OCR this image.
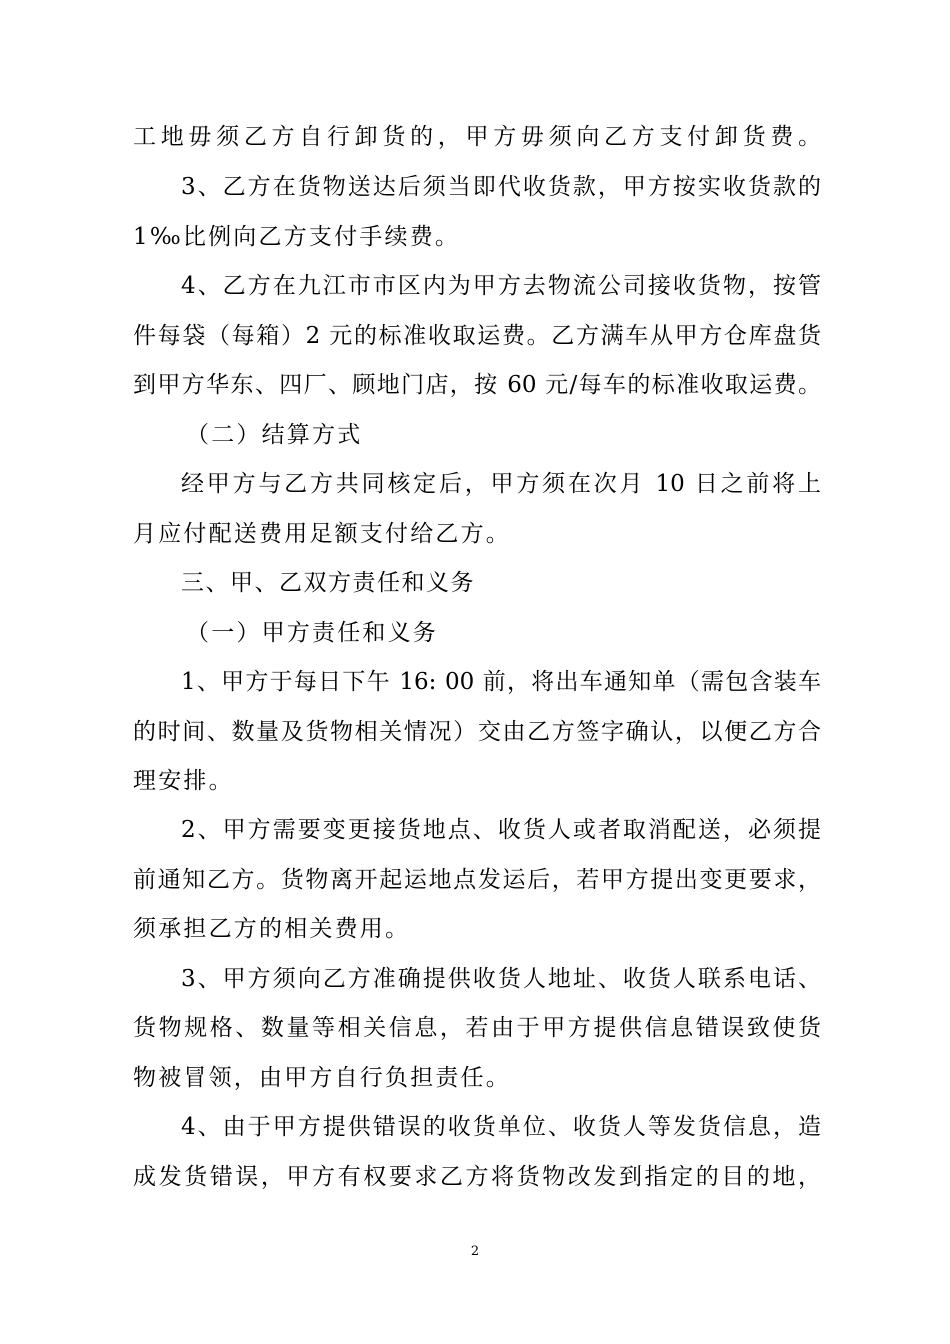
工地毋须乙方自行卸货的，甲方毋须向乙方支付卸货费。
3、乙方在货物送达后须当即代收货款，甲方按实收货款的
1‰比例向乙方支付手续费。
4、乙方在九江市市区内为甲方去物流公司接收货物，按管
件每袋（每箱）2 元的标准收取运费。乙方满车从甲方仓库盘货
到甲方华东、四厂、顾地门店，按 60 元/每车的标准收取运费。
（二）结算方式
经甲方与乙方共同核定后，甲方须在次月 10 日之前将上
月应付配送费用足额支付给乙方。
三、甲、乙双方责任和义务
（一）甲方责任和义务
1、甲方于每日下午 16: 00 前，将出车通知单（需包含装车
的时间、数量及货物相关情况）交由乙方签字确认，以便乙方合
理安排。
2、甲方需要变更接货地点、收货人或者取消配送，必须提
前通知乙方。货物离开起运地点发运后，若甲方提出变更要求，
须承担乙方的相关费用。
3、甲方须向乙方准确提供收货人地址、收货人联系电话、
货物规格、数量等相关信息，若由于甲方提供信息错误致使货
物被冒领，由甲方自行负担责任。
4、由于甲方提供错误的收货单位、收货人等发货信息，造
成发货错误，甲方有权要求乙方将货物改发到指定的目的地，
2
